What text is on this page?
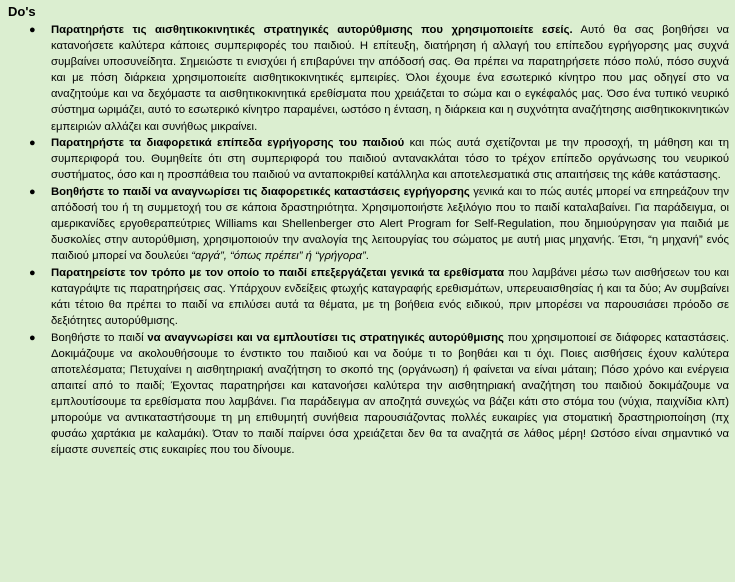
Do's
● Παρατηρήστε τις αισθητικοκινητικές στρατηγικές αυτορύθμισης που χρησιμοποιείτε εσείς. Αυτό θα σας βοηθήσει να κατανοήσετε καλύτερα κάποιες συμπεριφορές του παιδιού. Η επίτευξη, διατήρηση ή αλλαγή του επίπεδου εγρήγορσης μας συχνά συμβαίνει υποσυνείδητα. Σημειώστε τι ενισχύει ή επιβαρύνει την απόδοσή σας. Θα πρέπει να παρατηρήσετε πόσο πολύ, πόσο συχνά και με πόση διάρκεια χρησιμοποιείτε αισθητικοκινητικές εμπειρίες. Όλοι έχουμε ένα εσωτερικό κίνητρο που μας οδηγεί στο να αναζητούμε και να δεχόμαστε τα αισθητικοκινητικά ερεθίσματα που χρειάζεται το σώμα και ο εγκέφαλός μας. Όσο ένα τυπικό νευρικό σύστημα ωριμάζει, αυτό το εσωτερικό κίνητρο παραμένει, ωστόσο η ένταση, η διάρκεια και η συχνότητα αναζήτησης αισθητικοκινητικών εμπειριών αλλάζει και συνήθως μικραίνει.
● Παρατηρήστε τα διαφορετικά επίπεδα εγρήγορσης του παιδιού και πώς αυτά σχετίζονται με την προσοχή, τη μάθηση και τη συμπεριφορά του. Θυμηθείτε ότι στη συμπεριφορά του παιδιού αντανακλάται τόσο το τρέχον επίπεδο οργάνωσης του νευρικού συστήματος, όσο και η προσπάθεια του παιδιού να ανταποκριθεί κατάλληλα και αποτελεσματικά στις απαιτήσεις της κάθε κατάστασης.
● Βοηθήστε το παιδί να αναγνωρίσει τις διαφορετικές καταστάσεις εγρήγορσης γενικά και το πώς αυτές μπορεί να επηρεάζουν την απόδοσή του ή τη συμμετοχή του σε κάποια δραστηριότητα. Χρησιμοποιήστε λεξιλόγιο που το παιδί καταλαβαίνει. Για παράδειγμα, οι αμερικανίδες εργοθεραπεύτριες Williams και Shellenberger στο Alert Program for Self-Regulation, που δημιούργησαν για παιδιά με δυσκολίες στην αυτορύθμιση, χρησιμοποιούν την αναλογία της λειτουργίας του σώματος με αυτή μιας μηχανής. Έτσι, “η μηχανή” ενός παιδιού μπορεί να δουλεύει “αργά”, “όπως πρέπει” ή “γρήγορα”.
● Παρατηρείστε τον τρόπο με τον οποίο το παιδί επεξεργάζεται γενικά τα ερεθίσματα που λαμβάνει μέσω των αισθήσεων του και καταγράψτε τις παρατηρήσεις σας. Υπάρχουν ενδείξεις φτωχής καταγραφής ερεθισμάτων, υπερευαισθησίας ή και τα δύο; Αν συμβαίνει κάτι τέτοιο θα πρέπει το παιδί να επιλύσει αυτά τα θέματα, με τη βοήθεια ενός ειδικού, πριν μπορέσει να παρουσιάσει πρόοδο σε δεξιότητες αυτορύθμισης.
● Βοηθήστε το παιδί να αναγνωρίσει και να εμπλουτίσει τις στρατηγικές αυτορύθμισης που χρησιμοποιεί σε διάφορες καταστάσεις. Δοκιμάζουμε να ακολουθήσουμε το ένστικτο του παιδιού και να δούμε τι το βοηθάει και τι όχι. Ποιες αισθήσεις έχουν καλύτερα αποτελέσματα; Πετυχαίνει η αισθητηριακή αναζήτηση το σκοπό της (οργάνωση) ή φαίνεται να είναι μάταιη; Πόσο χρόνο και ενέργεια απαιτεί από το παιδί; Έχοντας παρατηρήσει και κατανοήσει καλύτερα την αισθητηριακή αναζήτηση του παιδιού δοκιμάζουμε να εμπλουτίσουμε τα ερεθίσματα που λαμβάνει. Για παράδειγμα αν αποζητά συνεχώς να βάζει κάτι στο στόμα του (νύχια, παιχνίδια κλπ) μπορούμε να αντικαταστήσουμε τη μη επιθυμητή συνήθεια παρουσιάζοντας πολλές ευκαιρίες για στοματική δραστηριοποίηση (πχ φυσάω χαρτάκια με καλαμάκι). Όταν το παιδί παίρνει όσα χρειάζεται δεν θα τα αναζητά σε λάθος μέρη! Ωστόσο είναι σημαντικό να είμαστε συνεπείς στις ευκαιρίες που του δίνουμε.
